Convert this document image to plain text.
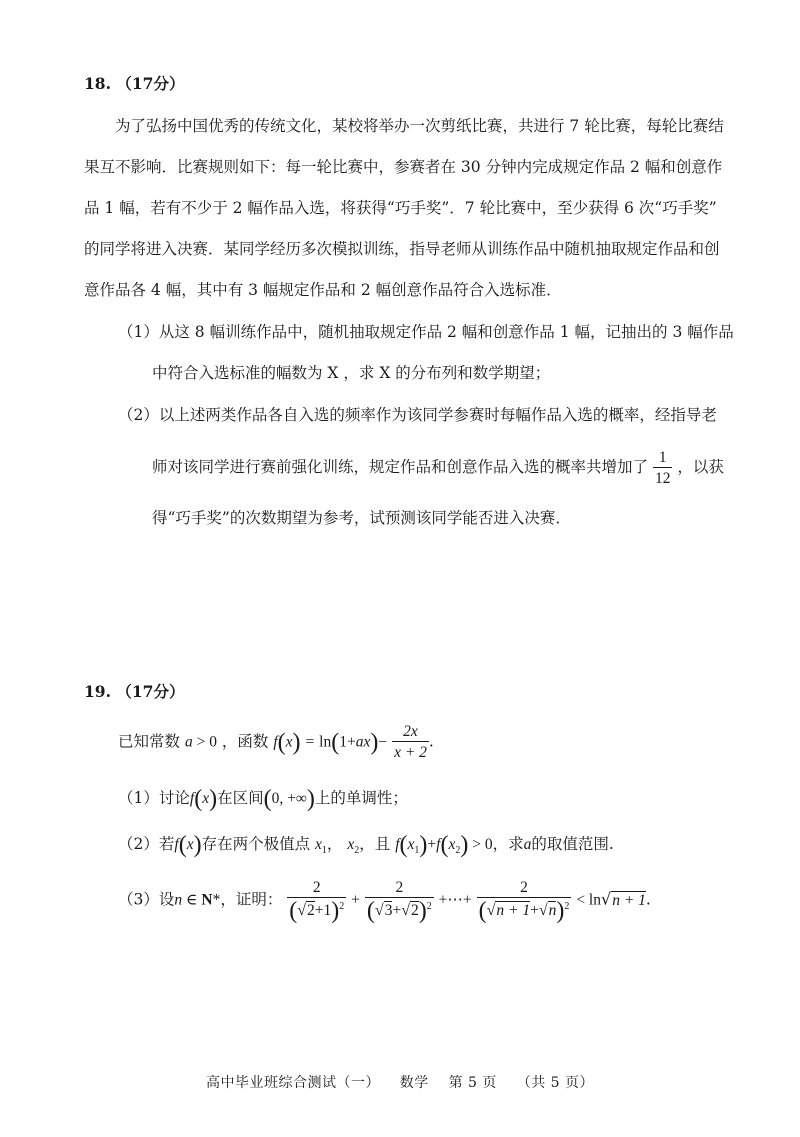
18. （17分）
为了弘扬中国优秀的传统文化，某校将举办一次剪纸比赛，共进行 7 轮比赛，每轮比赛结
果互不影响．比赛规则如下：每一轮比赛中，参赛者在 30 分钟内完成规定作品 2 幅和创意作
品 1 幅，若有不少于 2 幅作品入选，将获得“巧手奖”．7 轮比赛中，至少获得 6 次“巧手奖”
的同学将进入决赛．某同学经历多次模拟训练，指导老师从训练作品中随机抽取规定作品和创
意作品各 4 幅，其中有 3 幅规定作品和 2 幅创意作品符合入选标准．
（1）从这 8 幅训练作品中，随机抽取规定作品 2 幅和创意作品 1 幅，记抽出的 3 幅作品
中符合入选标准的幅数为 X ，求 X 的分布列和数学期望；
（2）以上述两类作品各自入选的频率作为该同学参赛时每幅作品入选的概率，经指导老
师对该同学进行赛前强化训练，规定作品和创意作品入选的概率共增加了 $\frac{1}{12}$ ，以获
得“巧手奖”的次数期望为参考，试预测该同学能否进入决赛．
19. （17分）
已知常数 a > 0 ，函数 $f(x) = \ln(1+ax)- \frac{2x}{x + 2}$ .
（1）讨论f(x)在区间(0, +∞)上的单调性；
（2）若f(x)存在两个极值点 $x_1$， $x_2$，且 $f(x_1)+f(x_2) > 0$，求a的取值范围.
（3）设n ∈ N*，证明： $\frac{2}{(√2+1)^2} + \frac{2}{(√3+√2)^2}$ +⋯+ $\frac{2}{(√n + 1+√n)^2} < \ln√n + 1$.
高中毕业班综合测试（一） 数学 第 5 页 （共 5 页）
